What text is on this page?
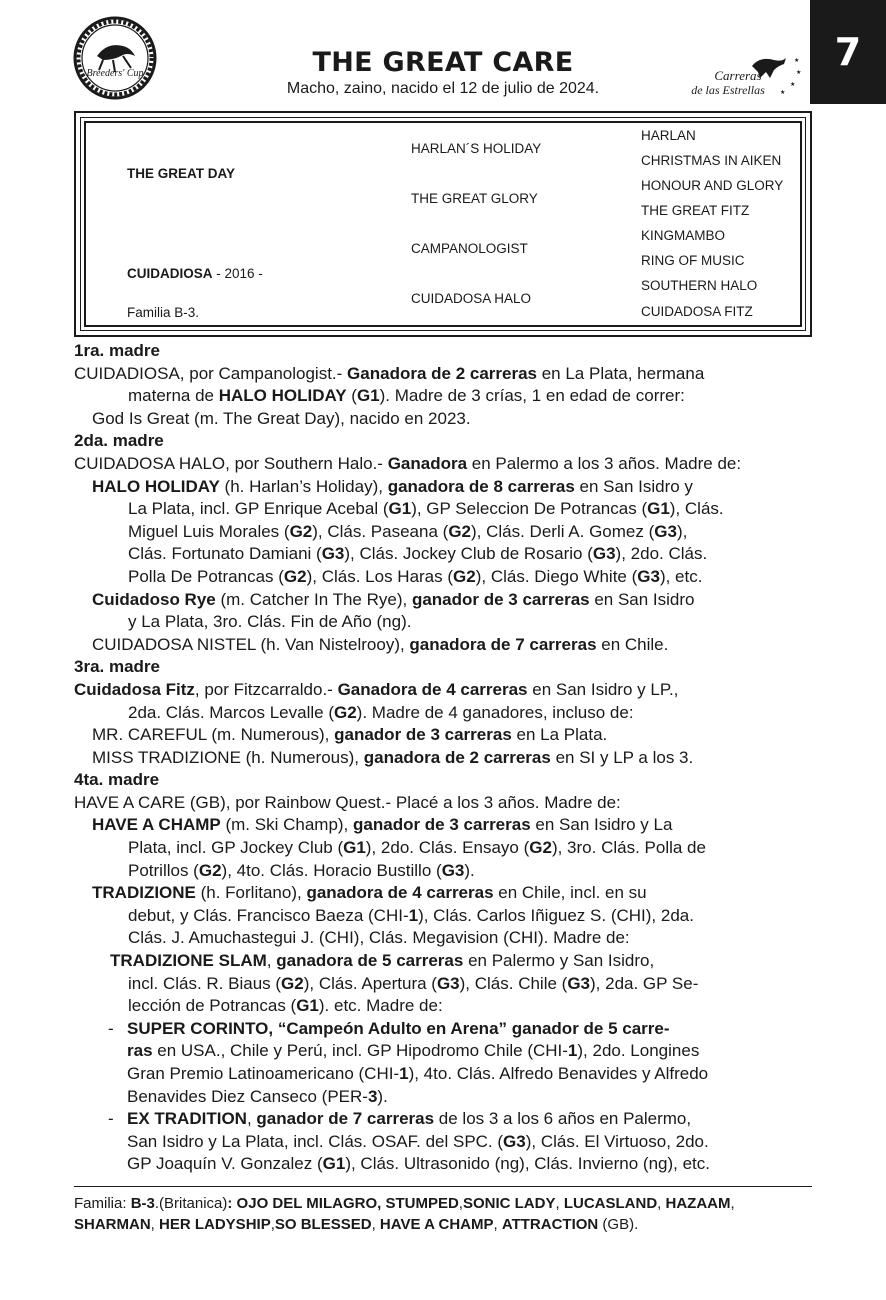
7
Breeders' Cup	THE GREAT CARE
Macho, zaino, nacido el 12 de julio de 2024.
★
★
★
★
Carreras
de las Estrellas
THE GREAT DAY
CUIDADIOSA - 2016 -
Familia B-3.
HARLAN´S HOLIDAY
THE GREAT GLORY
CAMPANOLOGIST
CUIDADOSA HALO
HARLAN
CHRISTMAS IN AIKEN
HONOUR AND GLORY
THE GREAT FITZ
KINGMAMBO
RING OF MUSIC
SOUTHERN HALO
CUIDADOSA FITZ

1ra. madre

CUIDADIOSA, por Campanologist.- Ganadora de 2 carreras en La Plata, hermana

materna de HALO HOLIDAY (G1). Madre de 3 crías, 1 en edad de correr:

God Is Great (m. The Great Day), nacido en 2023.

2da. madre

CUIDADOSA HALO, por Southern Halo.- Ganadora en Palermo a los 3 años. Madre de:

HALO HOLIDAY (h. Harlan’s Holiday), ganadora de 8 carreras en San Isidro y

La Plata, incl. GP Enrique Acebal (G1), GP Seleccion De Potrancas (G1), Clás.

Miguel Luis Morales (G2), Clás. Paseana (G2), Clás. Derli A. Gomez (G3),

Clás. Fortunato Damiani (G3), Clás. Jockey Club de Rosario (G3), 2do. Clás.

Polla De Potrancas (G2), Clás. Los Haras (G2), Clás. Diego White (G3), etc.

Cuidadoso Rye (m. Catcher In The Rye), ganador de 3 carreras en San Isidro

y La Plata, 3ro. Clás. Fin de Año (ng).

CUIDADOSA NISTEL (h. Van Nistelrooy), ganadora de 7 carreras en Chile.

3ra. madre

Cuidadosa Fitz, por Fitzcarraldo.- Ganadora de 4 carreras en San Isidro y LP.,

2da. Clás. Marcos Levalle (G2). Madre de 4 ganadores, incluso de:

MR. CAREFUL (m. Numerous), ganador de 3 carreras en La Plata.

MISS TRADIZIONE (h. Numerous), ganadora de 2 carreras en SI y LP a los 3.

4ta. madre

HAVE A CARE (GB), por Rainbow Quest.- Placé a los 3 años. Madre de:

HAVE A CHAMP (m. Ski Champ), ganador de 3 carreras en San Isidro y La

Plata, incl. GP Jockey Club (G1), 2do. Clás. Ensayo (G2), 3ro. Clás. Polla de

Potrillos (G2), 4to. Clás. Horacio Bustillo (G3).

TRADIZIONE (h. Forlitano), ganadora de 4 carreras en Chile, incl. en su

debut, y Clás. Francisco Baeza (CHI-1), Clás. Carlos Iñiguez S. (CHI), 2da.

Clás. J. Amuchastegui J. (CHI), Clás. Megavision (CHI). Madre de:

TRADIZIONE SLAM, ganadora de 5 carreras en Palermo y San Isidro,

incl. Clás. R. Biaus (G2), Clás. Apertura (G3), Clás. Chile (G3), 2da. GP Se-

lección de Potrancas (G1). etc. Madre de:

- SUPER CORINTO, “Campeón Adulto en Arena” ganador de 5 carre-

ras en USA., Chile y Perú, incl. GP Hipodromo Chile (CHI-1), 2do. Longines

Gran Premio Latinoamericano (CHI-1), 4to. Clás. Alfredo Benavides y Alfredo

Benavides Diez Canseco (PER-3).

- EX TRADITION, ganador de 7 carreras de los 3 a los 6 años en Palermo,

San Isidro y La Plata, incl. Clás. OSAF. del SPC. (G3), Clás. El Virtuoso, 2do.

GP Joaquín V. Gonzalez (G1), Clás. Ultrasonido (ng), Clás. Invierno (ng), etc.

Familia: B-3.(Britanica): OJO DEL MILAGRO, STUMPED,SONIC LADY, LUCASLAND, HAZAAM,
SHARMAN, HER LADYSHIP,SO BLESSED, HAVE A CHAMP, ATTRACTION (GB).
